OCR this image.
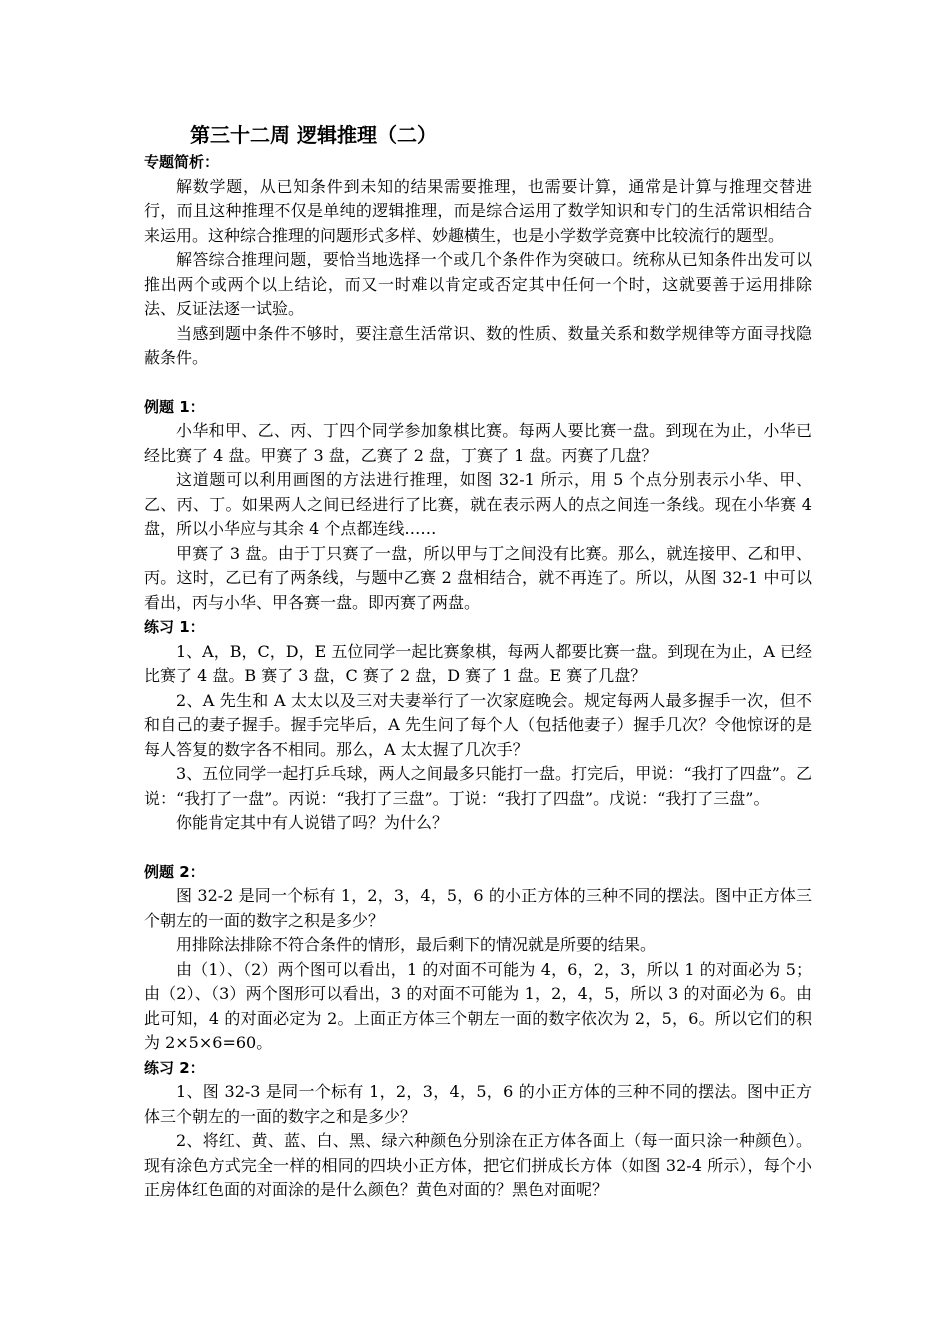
第三十二周 逻辑推理（二）

专题简析：

解数学题，从已知条件到未知的结果需要推理，也需要计算，通常是计算与推理交替进行，而且这种推理不仅是单纯的逻辑推理，而是综合运用了数学知识和专门的生活常识相结合来运用。这种综合推理的问题形式多样、妙趣横生，也是小学数学竞赛中比较流行的题型。

解答综合推理问题，要恰当地选择一个或几个条件作为突破口。统称从已知条件出发可以推出两个或两个以上结论，而又一时难以肯定或否定其中任何一个时，这就要善于运用排除法、反证法逐一试验。

当感到题中条件不够时，要注意生活常识、数的性质、数量关系和数学规律等方面寻找隐蔽条件。

例题 1：

小华和甲、乙、丙、丁四个同学参加象棋比赛。每两人要比赛一盘。到现在为止，小华已经比赛了 4 盘。甲赛了 3 盘，乙赛了 2 盘，丁赛了 1 盘。丙赛了几盘？

这道题可以利用画图的方法进行推理，如图 32-1 所示，用 5 个点分别表示小华、甲、乙、丙、丁。如果两人之间已经进行了比赛，就在表示两人的点之间连一条线。现在小华赛 4 盘，所以小华应与其余 4 个点都连线……

甲赛了 3 盘。由于丁只赛了一盘，所以甲与丁之间没有比赛。那么，就连接甲、乙和甲、丙。这时，乙已有了两条线，与题中乙赛 2 盘相结合，就不再连了。所以，从图 32-1 中可以看出，丙与小华、甲各赛一盘。即丙赛了两盘。

练习 1：

1、A，B，C，D，E 五位同学一起比赛象棋，每两人都要比赛一盘。到现在为止，A 已经比赛了 4 盘。B 赛了 3 盘，C 赛了 2 盘，D 赛了 1 盘。E 赛了几盘？

2、A 先生和 A 太太以及三对夫妻举行了一次家庭晚会。规定每两人最多握手一次，但不和自己的妻子握手。握手完毕后，A 先生问了每个人（包括他妻子）握手几次？令他惊讶的是每人答复的数字各不相同。那么，A 太太握了几次手？

3、五位同学一起打乒乓球，两人之间最多只能打一盘。打完后，甲说：“我打了四盘”。乙说：“我打了一盘”。丙说：“我打了三盘”。丁说：“我打了四盘”。戊说：“我打了三盘”。

你能肯定其中有人说错了吗？为什么？

例题 2：

图 32-2 是同一个标有 1，2，3，4，5，6 的小正方体的三种不同的摆法。图中正方体三个朝左的一面的数字之积是多少？

用排除法排除不符合条件的情形，最后剩下的情况就是所要的结果。

由（1）、（2）两个图可以看出，1 的对面不可能为 4，6，2，3，所以 1 的对面必为 5；由（2）、（3）两个图形可以看出，3 的对面不可能为 1，2，4，5，所以 3 的对面必为 6。由此可知，4 的对面必定为 2。上面正方体三个朝左一面的数字依次为 2，5，6。所以它们的积为 2×5×6=60。

练习 2：

1、图 32-3 是同一个标有 1，2，3，4，5，6 的小正方体的三种不同的摆法。图中正方体三个朝左的一面的数字之和是多少？

2、将红、黄、蓝、白、黑、绿六种颜色分别涂在正方体各面上（每一面只涂一种颜色）。现有涂色方式完全一样的相同的四块小正方体，把它们拼成长方体（如图 32-4 所示），每个小正房体红色面的对面涂的是什么颜色？黄色对面的？黑色对面呢？
